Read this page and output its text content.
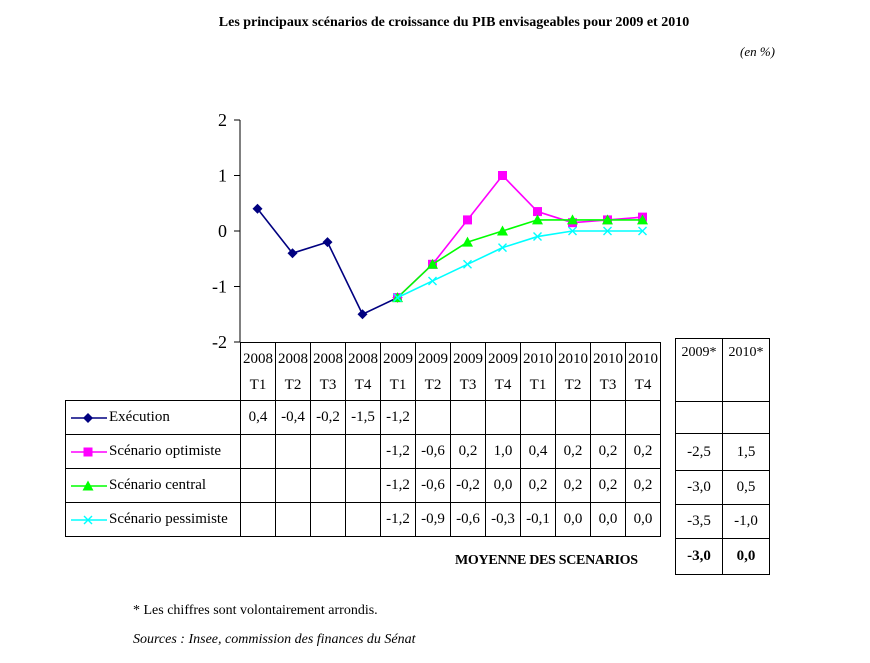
Les principaux scénarios de croissance du PIB envisageables pour 2009 et 2010
(en %)
2
1
0
-1
-2
	2008 T1	2008 T2	2008 T3	2008 T4	2009 T1	2009 T2	2009 T3	2009 T4	2010 T1	2010 T2	2010 T3	2010 T4
Exécution	0,4	-0,4	-0,2	-1,5	-1,2							
Scénario optimiste					-1,2	-0,6	0,2	1,0	0,4	0,2	0,2	0,2
Scénario central					-1,2	-0,6	-0,2	0,0	0,2	0,2	0,2	0,2
Scénario pessimiste					-1,2	-0,9	-0,6	-0,3	-0,1	0,0	0,0	0,0
2009*	2010*

-2,5	1,5
-3,0	0,5
-3,5	-1,0
-3,0	0,0
MOYENNE DES SCENARIOS
* Les chiffres sont volontairement arrondis.
Sources : Insee, commission des finances du Sénat
